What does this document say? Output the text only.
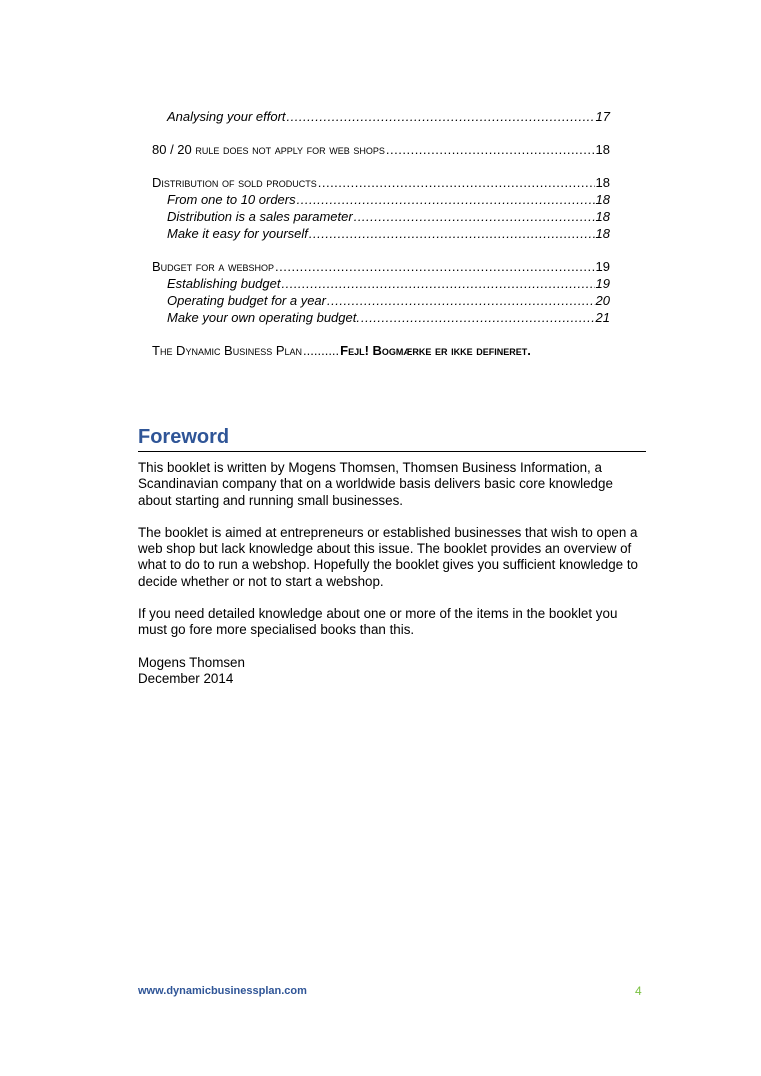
Analysing your effort .....	17
80 / 20 rule does not apply for web shops .....	18
Distribution of sold products .....	18
From one to 10 orders .....	18
Distribution is a sales parameter .....	18
Make it easy for yourself .....	18
Budget for a webshop .....	19
Establishing budget .....	19
Operating budget for a year .....	20
Make your own operating budget. .....	21
The Dynamic Business Plan .......... Fejl! Bogmærke er ikke defineret.
Foreword

This booklet is written by Mogens Thomsen, Thomsen Business Information, a Scandinavian company that on a worldwide basis delivers basic core knowledge about starting and running small businesses.

The booklet is aimed at entrepreneurs or established businesses that wish to open a web shop but lack knowledge about this issue. The booklet provides an overview of what to do to run a webshop. Hopefully the booklet gives you sufficient knowledge to decide whether or not to start a webshop.

If you need detailed knowledge about one or more of the items in the booklet you must go fore more specialised books than this.

Mogens Thomsen
December 2014
www.dynamicbusinessplan.com	4
